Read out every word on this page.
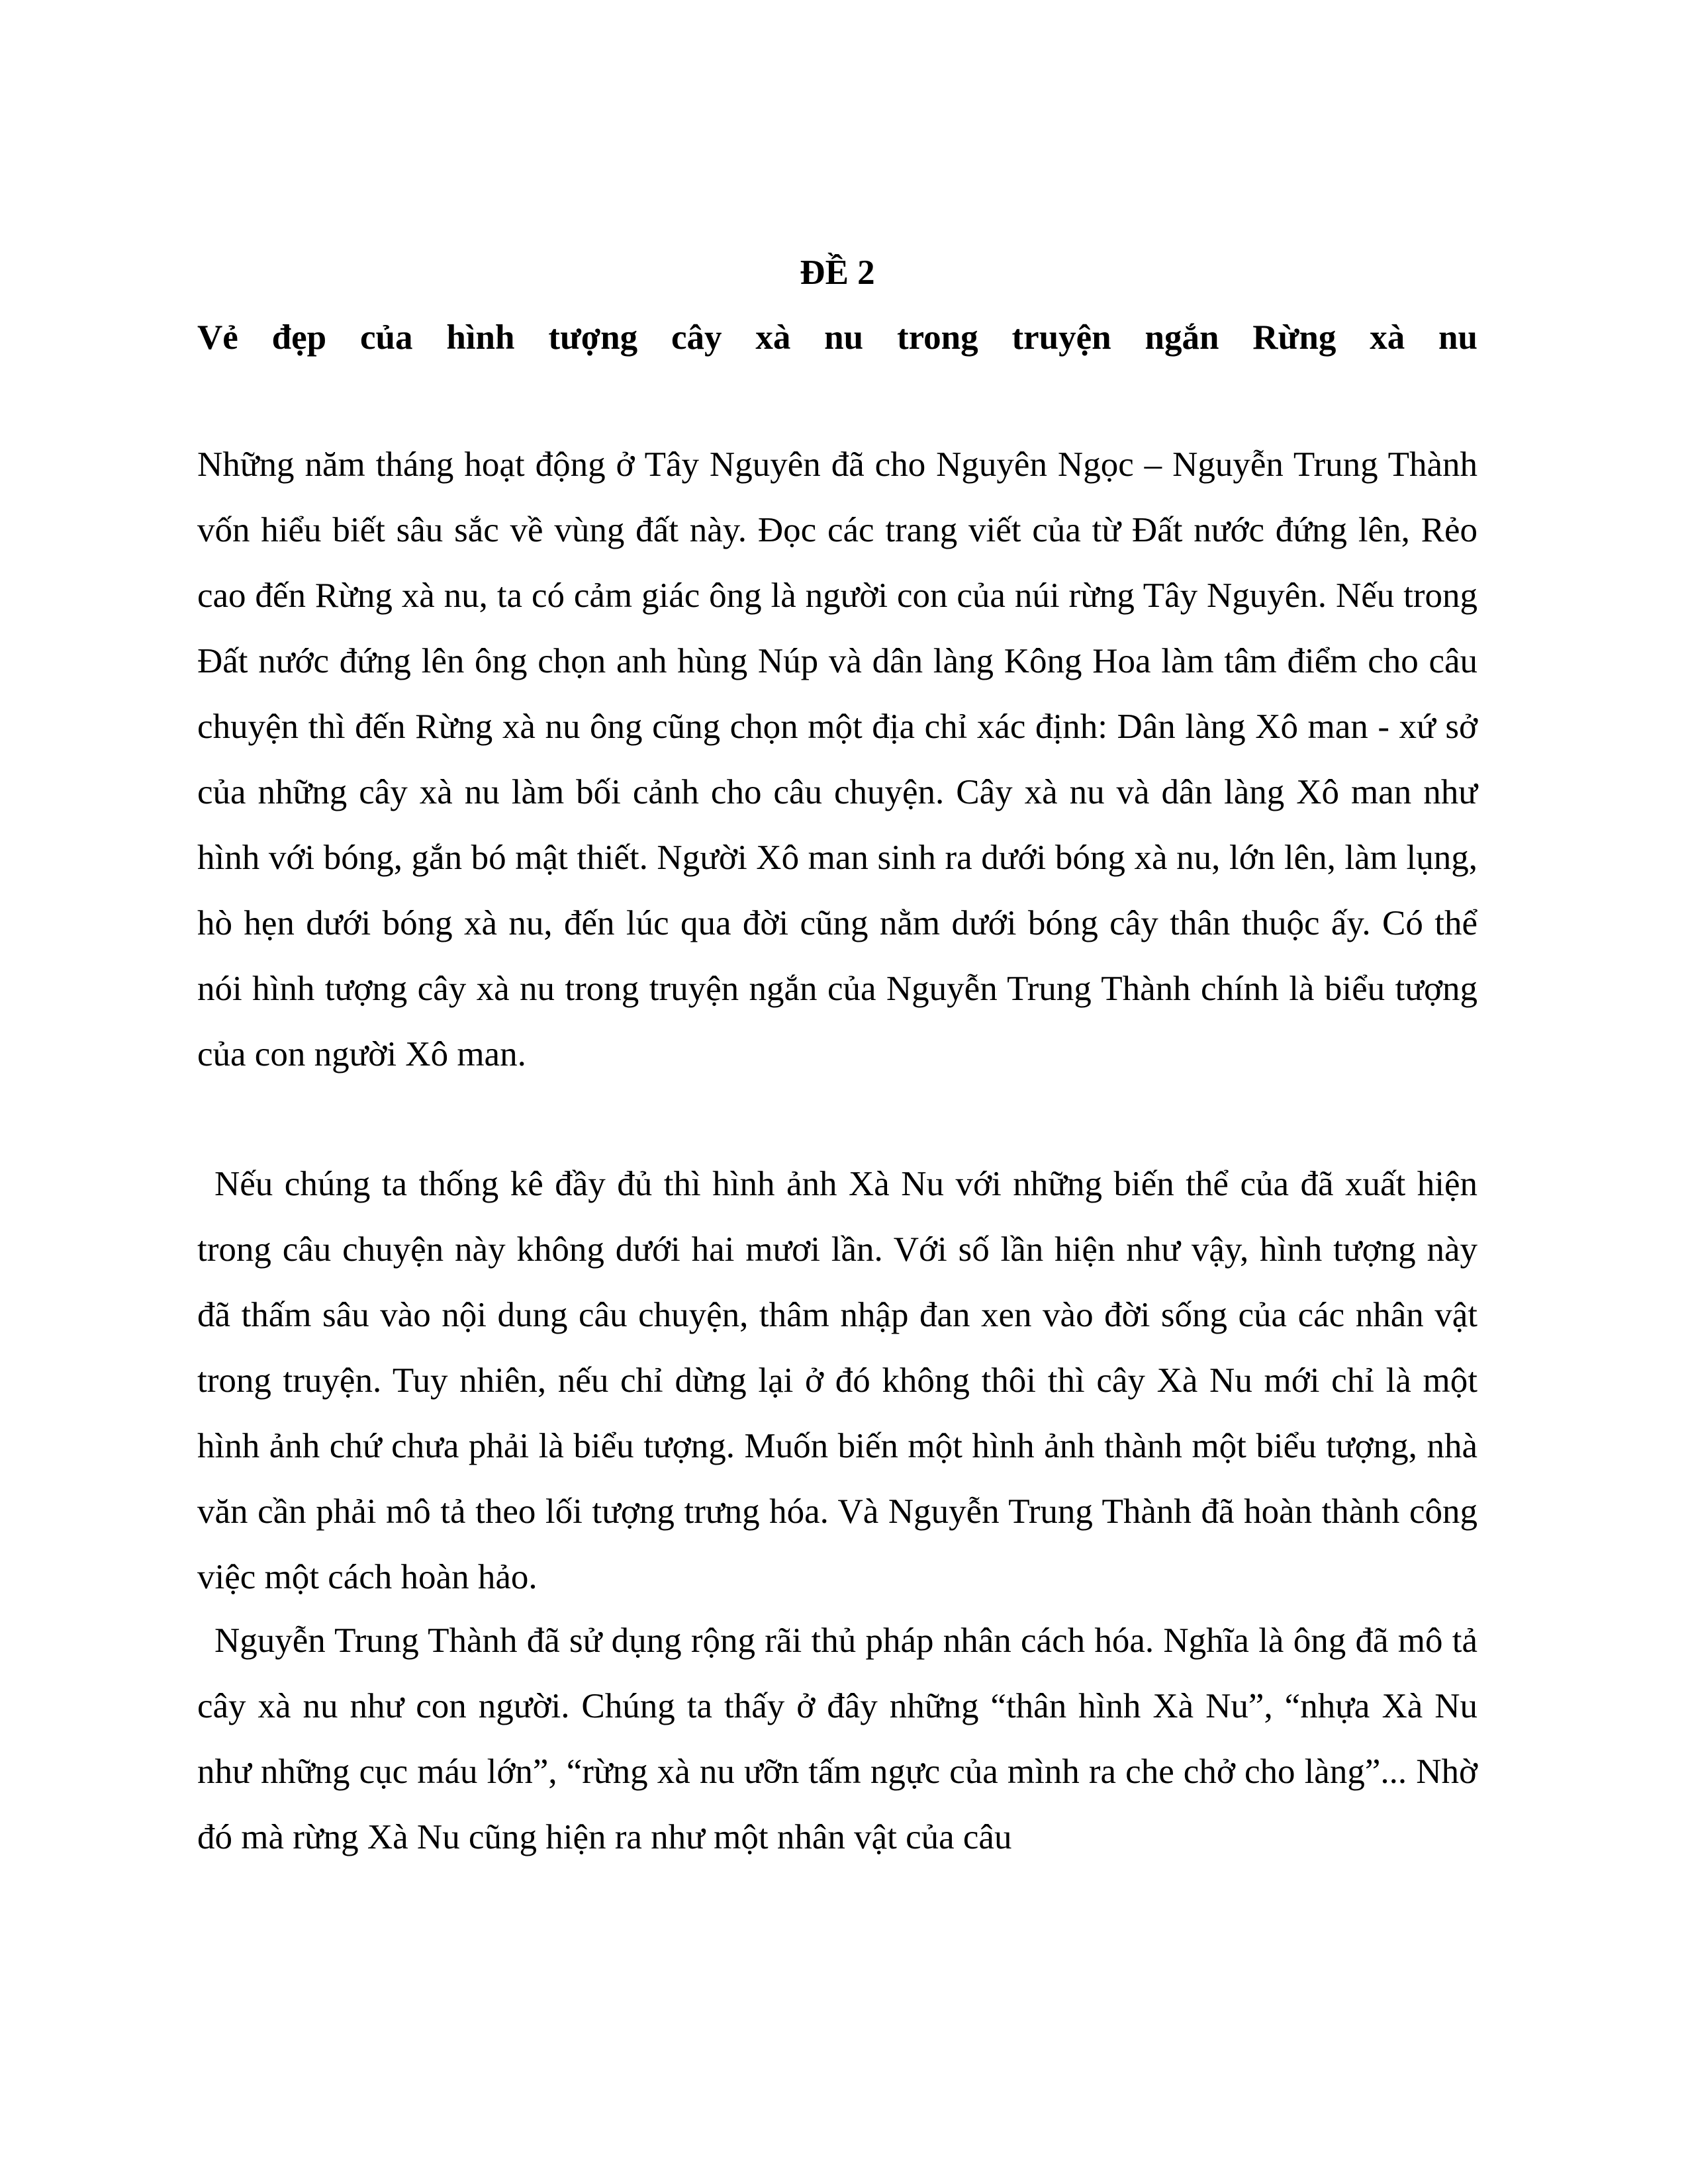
ĐỀ 2
Vẻ đẹp của hình tượng cây xà nu trong truyện ngắn Rừng xà nu

Những năm tháng hoạt động ở Tây Nguyên đã cho Nguyên Ngọc – Nguyễn Trung Thành vốn hiểu biết sâu sắc về vùng đất này. Đọc các trang viết của từ Đất nước đứng lên, Rẻo cao đến Rừng xà nu, ta có cảm giác ông là người con của núi rừng Tây Nguyên. Nếu trong Đất nước đứng lên ông chọn anh hùng Núp và dân làng Kông Hoa làm tâm điểm cho câu chuyện thì đến Rừng xà nu ông cũng chọn một địa chỉ xác định: Dân làng Xô man - xứ sở của những cây xà nu làm bối cảnh cho câu chuyện. Cây xà nu và dân làng Xô man như hình với bóng, gắn bó mật thiết. Người Xô man sinh ra dưới bóng xà nu, lớn lên, làm lụng, hò hẹn dưới bóng xà nu, đến lúc qua đời cũng nằm dưới bóng cây thân thuộc ấy. Có thể nói hình tượng cây xà nu trong truyện ngắn của Nguyễn Trung Thành chính là biểu tượng của con người Xô man.

Nếu chúng ta thống kê đầy đủ thì hình ảnh Xà Nu với những biến thể của đã xuất hiện trong câu chuyện này không dưới hai mươi lần. Với số lần hiện như vậy, hình tượng này đã thấm sâu vào nội dung câu chuyện, thâm nhập đan xen vào đời sống của các nhân vật trong truyện. Tuy nhiên, nếu chỉ dừng lại ở đó không thôi thì cây Xà Nu mới chỉ là một hình ảnh chứ chưa phải là biểu tượng. Muốn biến một hình ảnh thành một biểu tượng, nhà văn cần phải mô tả theo lối tượng trưng hóa. Và Nguyễn Trung Thành đã hoàn thành công việc một cách hoàn hảo.

Nguyễn Trung Thành đã sử dụng rộng rãi thủ pháp nhân cách hóa. Nghĩa là ông đã mô tả cây xà nu như con người. Chúng ta thấy ở đây những “thân hình Xà Nu”, “nhựa Xà Nu như những cục máu lớn”, “rừng xà nu ưỡn tấm ngực của mình ra che chở cho làng”... Nhờ đó mà rừng Xà Nu cũng hiện ra như một nhân vật của câu
